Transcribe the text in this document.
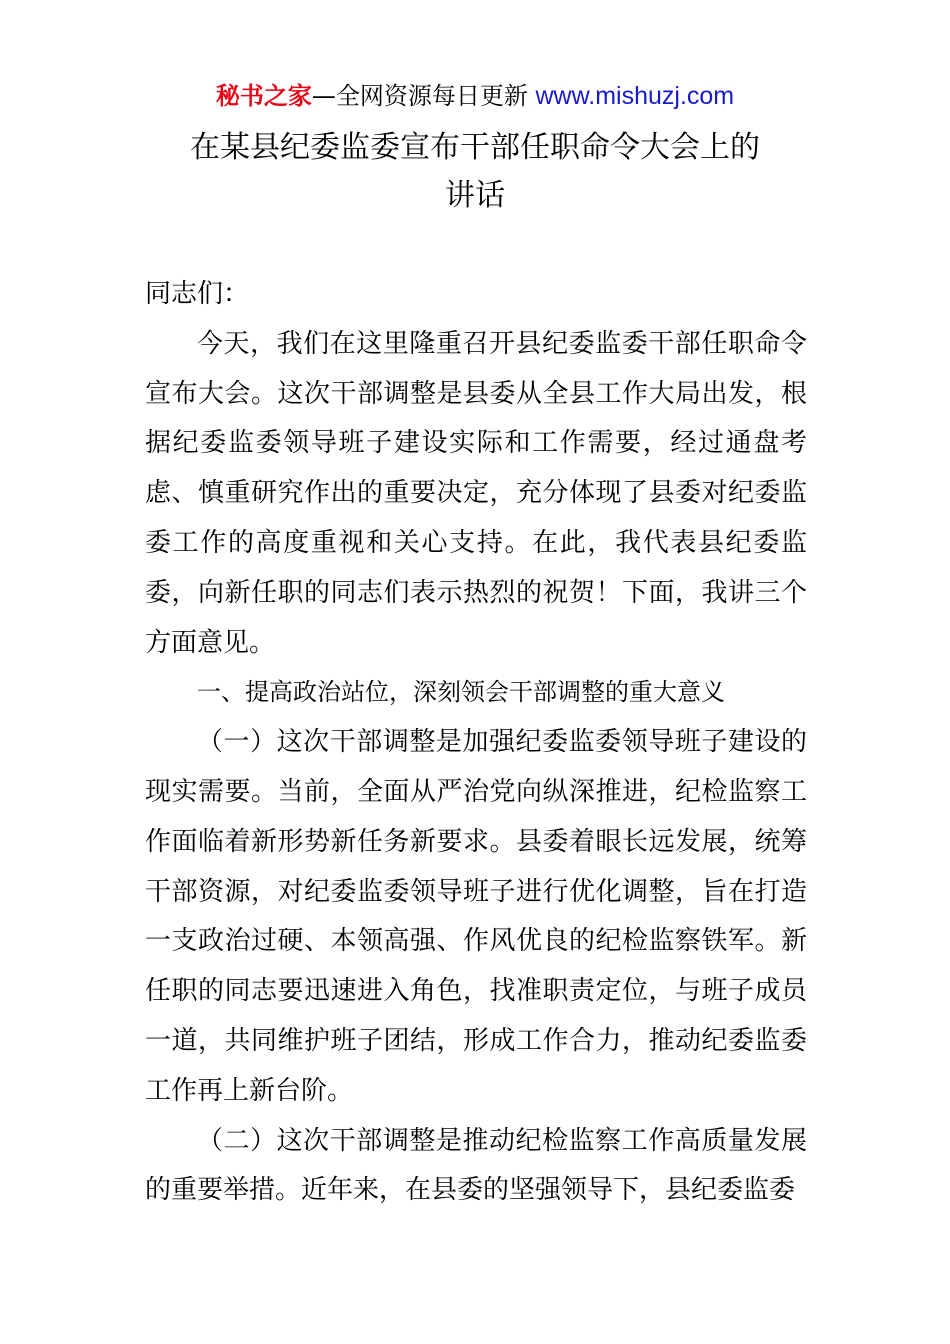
秘书之家—全网资源每日更新 www.mishuzj.com
在某县纪委监委宣布干部任职命令大会上的
讲话

同志们：

今天，我们在这里隆重召开县纪委监委干部任职命令宣布大会。这次干部调整是县委从全县工作大局出发，根据纪委监委领导班子建设实际和工作需要，经过通盘考虑、慎重研究作出的重要决定，充分体现了县委对纪委监委工作的高度重视和关心支持。在此，我代表县纪委监委，向新任职的同志们表示热烈的祝贺！下面，我讲三个方面意见。

一、提高政治站位，深刻领会干部调整的重大意义

（一）这次干部调整是加强纪委监委领导班子建设的现实需要。当前，全面从严治党向纵深推进，纪检监察工作面临着新形势新任务新要求。县委着眼长远发展，统筹干部资源，对纪委监委领导班子进行优化调整，旨在打造一支政治过硬、本领高强、作风优良的纪检监察铁军。新任职的同志要迅速进入角色，找准职责定位，与班子成员一道，共同维护班子团结，形成工作合力，推动纪委监委工作再上新台阶。

（二）这次干部调整是推动纪检监察工作高质量发展的重要举措。近年来，在县委的坚强领导下，县纪委监委
